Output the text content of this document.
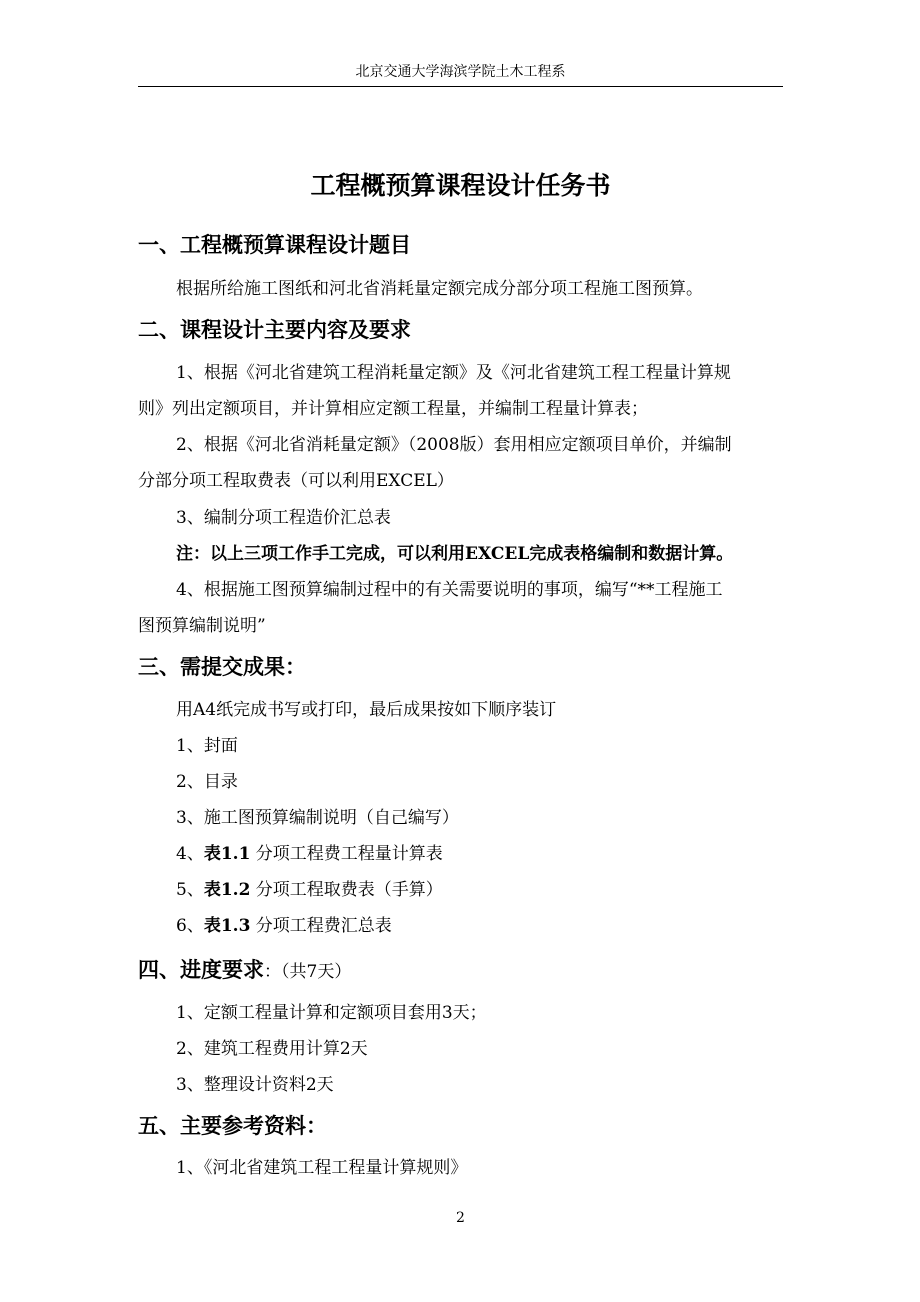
北京交通大学海滨学院土木工程系
工程概预算课程设计任务书
一、工程概预算课程设计题目
根据所给施工图纸和河北省消耗量定额完成分部分项工程施工图预算。
二、课程设计主要内容及要求
1、根据《河北省建筑工程消耗量定额》及《河北省建筑工程工程量计算规
则》列出定额项目，并计算相应定额工程量，并编制工程量计算表；
2、根据《河北省消耗量定额》（2008版）套用相应定额项目单价，并编制
分部分项工程取费表（可以利用EXCEL）
3、编制分项工程造价汇总表
注：以上三项工作手工完成，可以利用EXCEL完成表格编制和数据计算。
4、根据施工图预算编制过程中的有关需要说明的事项，编写“**工程施工
图预算编制说明”
三、需提交成果：
用A4纸完成书写或打印，最后成果按如下顺序装订
1、封面
2、目录
3、施工图预算编制说明（自己编写）
4、表1.1 分项工程费工程量计算表
5、表1.2 分项工程取费表（手算）
6、表1.3 分项工程费汇总表
四、进度要求：（共7天）
1、定额工程量计算和定额项目套用3天；
2、建筑工程费用计算2天
3、整理设计资料2天
五、主要参考资料：
1、《河北省建筑工程工程量计算规则》
2
